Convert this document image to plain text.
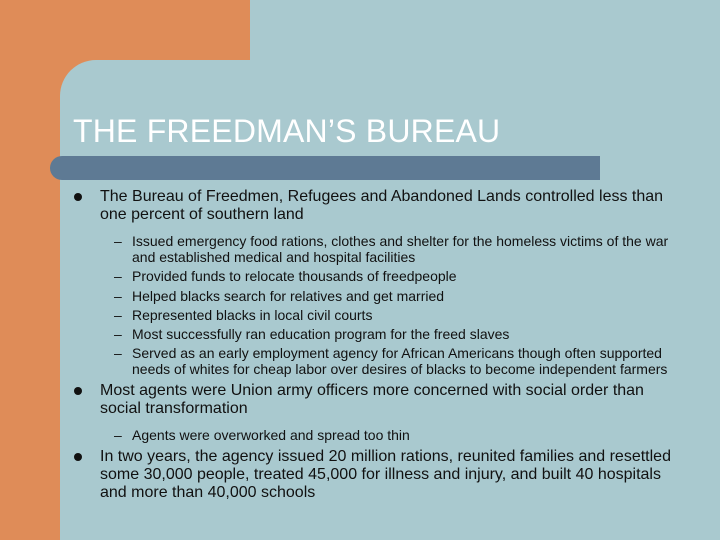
THE FREEDMAN’S BUREAU
The Bureau of Freedmen, Refugees and Abandoned Lands controlled less than one percent of southern land
– Issued emergency food rations, clothes and shelter for the homeless victims of the war and established medical and hospital facilities
– Provided funds to relocate thousands of freedpeople
– Helped blacks search for relatives and get married
– Represented blacks in local civil courts
– Most successfully ran education program for the freed slaves
– Served as an early employment agency for African Americans though often supported needs of whites for cheap labor over desires of blacks to become independent farmers
Most agents were Union army officers more concerned with social order than social transformation
– Agents were overworked and spread too thin
In two years, the agency issued 20 million rations, reunited families and resettled some 30,000 people, treated 45,000 for illness and injury, and built 40 hospitals and more than 40,000 schools
